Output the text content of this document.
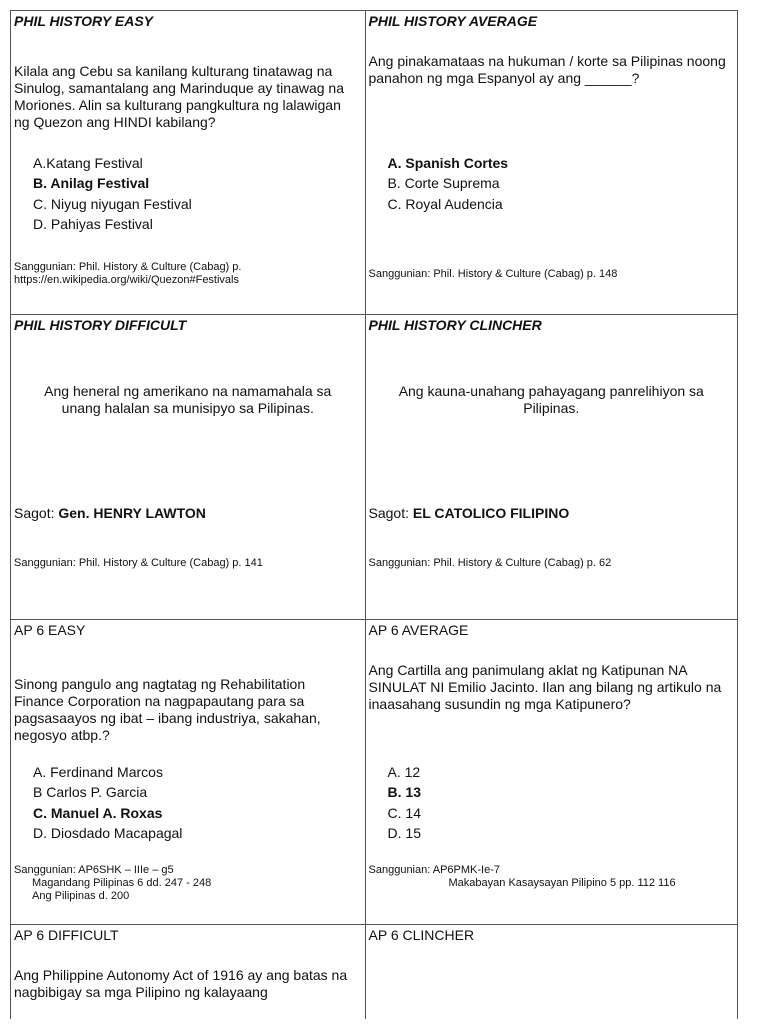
PHIL HISTORY EASY
Kilala ang Cebu sa kanilang kulturang tinatawag na Sinulog, samantalang ang Marinduque ay tinawag na Moriones. Alin sa kulturang pangkultura ng lalawigan ng Quezon ang HINDI kabilang?
A.Katang Festival
B. Anilag Festival
C. Niyug niyugan Festival
D. Pahiyas Festival
Sanggunian: Phil. History & Culture (Cabag) p.
https://en.wikipedia.org/wiki/Quezon#Festivals
PHIL HISTORY AVERAGE
Ang pinakamataas na hukuman / korte sa Pilipinas noong panahon ng mga Espanyol ay ang ______?
A. Spanish Cortes
B. Corte Suprema
C. Royal Audencia
Sanggunian: Phil. History & Culture (Cabag) p. 148
PHIL HISTORY DIFFICULT
Ang heneral ng amerikano na namamahala sa unang halalan sa munisipyo sa Pilipinas.
Sagot: Gen. HENRY LAWTON
Sanggunian: Phil. History & Culture (Cabag) p. 141
PHIL HISTORY CLINCHER
Ang kauna-unahang pahayagang panrelihiyon sa Pilipinas.
Sagot: EL CATOLICO FILIPINO
Sanggunian: Phil. History & Culture (Cabag) p. 62
AP 6 EASY
Sinong pangulo ang nagtatag ng Rehabilitation Finance Corporation na nagpapautang para sa pagsasaayos ng ibat – ibang industriya, sakahan, negosyo atbp.?
A. Ferdinand Marcos
B Carlos P. Garcia
C. Manuel A. Roxas
D. Diosdado Macapagal
Sanggunian: AP6SHK – IIIe – g5
Magandang Pilipinas 6 dd. 247 - 248
Ang Pilipinas d. 200
AP 6 AVERAGE
Ang Cartilla ang panimulang aklat ng Katipunan NA SINULAT NI Emilio Jacinto. Ilan ang bilang ng artikulo na inaasahang susundin ng mga Katipunero?
A. 12
B. 13
C. 14
D. 15
Sanggunian: AP6PMK-Ie-7
Makabayan Kasaysayan Pilipino 5 pp. 112 116
AP 6 DIFFICULT
Ang Philippine Autonomy Act of 1916 ay ang batas na nagbibigay sa mga Pilipino ng kalayaang
AP 6 CLINCHER
